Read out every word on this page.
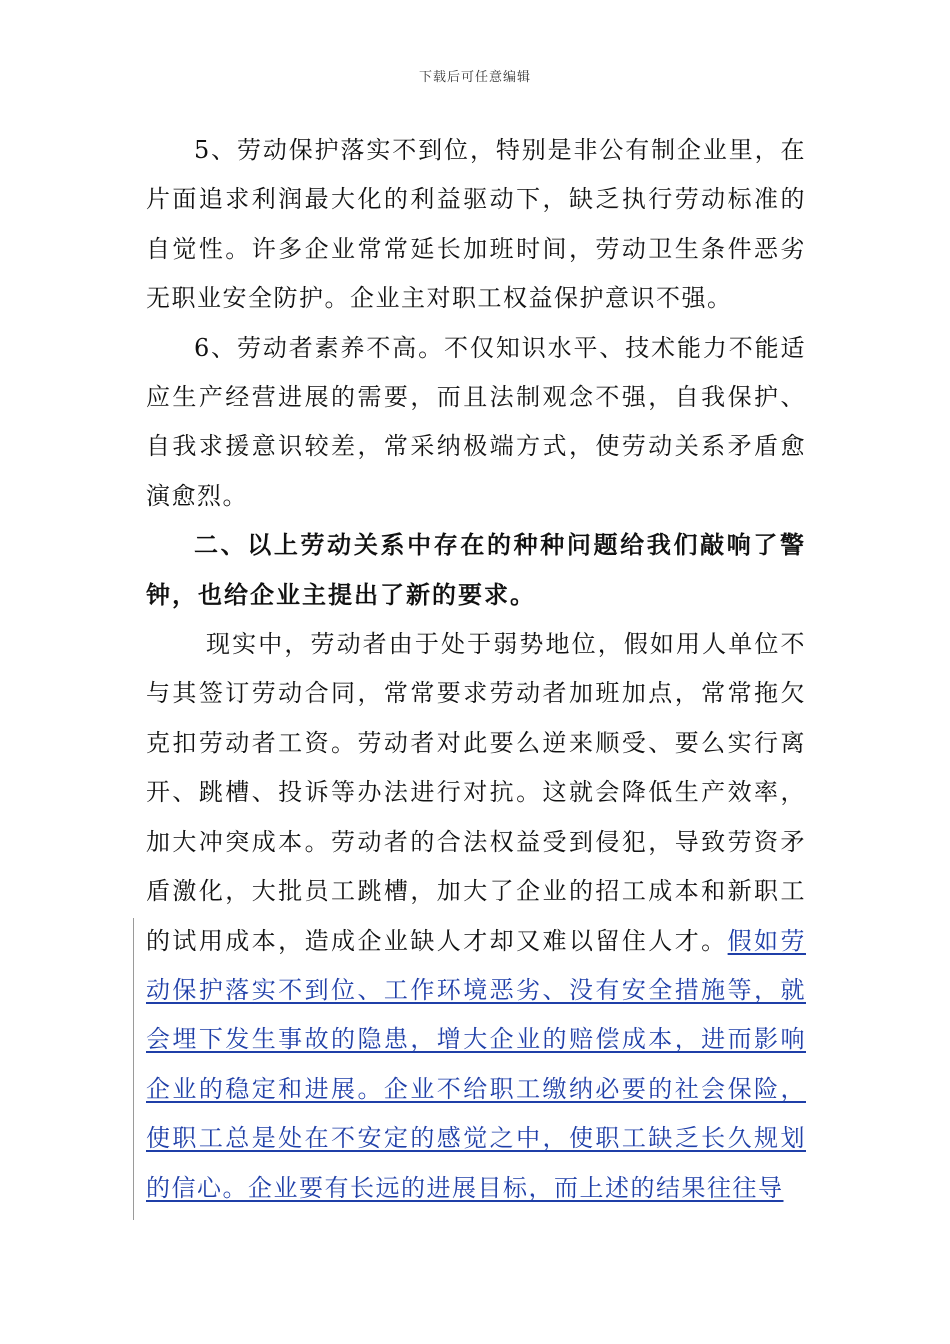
下载后可任意编辑

5、劳动保护落实不到位，特别是非公有制企业里，在片面追求利润最大化的利益驱动下，缺乏执行劳动标准的自觉性。许多企业常常延长加班时间，劳动卫生条件恶劣无职业安全防护。企业主对职工权益保护意识不强。

6、劳动者素养不高。不仅知识水平、技术能力不能适应生产经营进展的需要，而且法制观念不强，自我保护、自我求援意识较差，常采纳极端方式，使劳动关系矛盾愈演愈烈。

二、以上劳动关系中存在的种种问题给我们敲响了警钟，也给企业主提出了新的要求。

现实中，劳动者由于处于弱势地位，假如用人单位不与其签订劳动合同，常常要求劳动者加班加点，常常拖欠克扣劳动者工资。劳动者对此要么逆来顺受、要么实行离开、跳槽、投诉等办法进行对抗。这就会降低生产效率，加大冲突成本。劳动者的合法权益受到侵犯，导致劳资矛盾激化，大批员工跳槽，加大了企业的招工成本和新职工的试用成本，造成企业缺人才却又难以留住人才。假如劳动保护落实不到位、工作环境恶劣、没有安全措施等，就会埋下发生事故的隐患，增大企业的赔偿成本，进而影响企业的稳定和进展。企业不给职工缴纳必要的社会保险，使职工总是处在不安定的感觉之中，使职工缺乏长久规划的信心。企业要有长远的进展目标，而上述的结果往往导
